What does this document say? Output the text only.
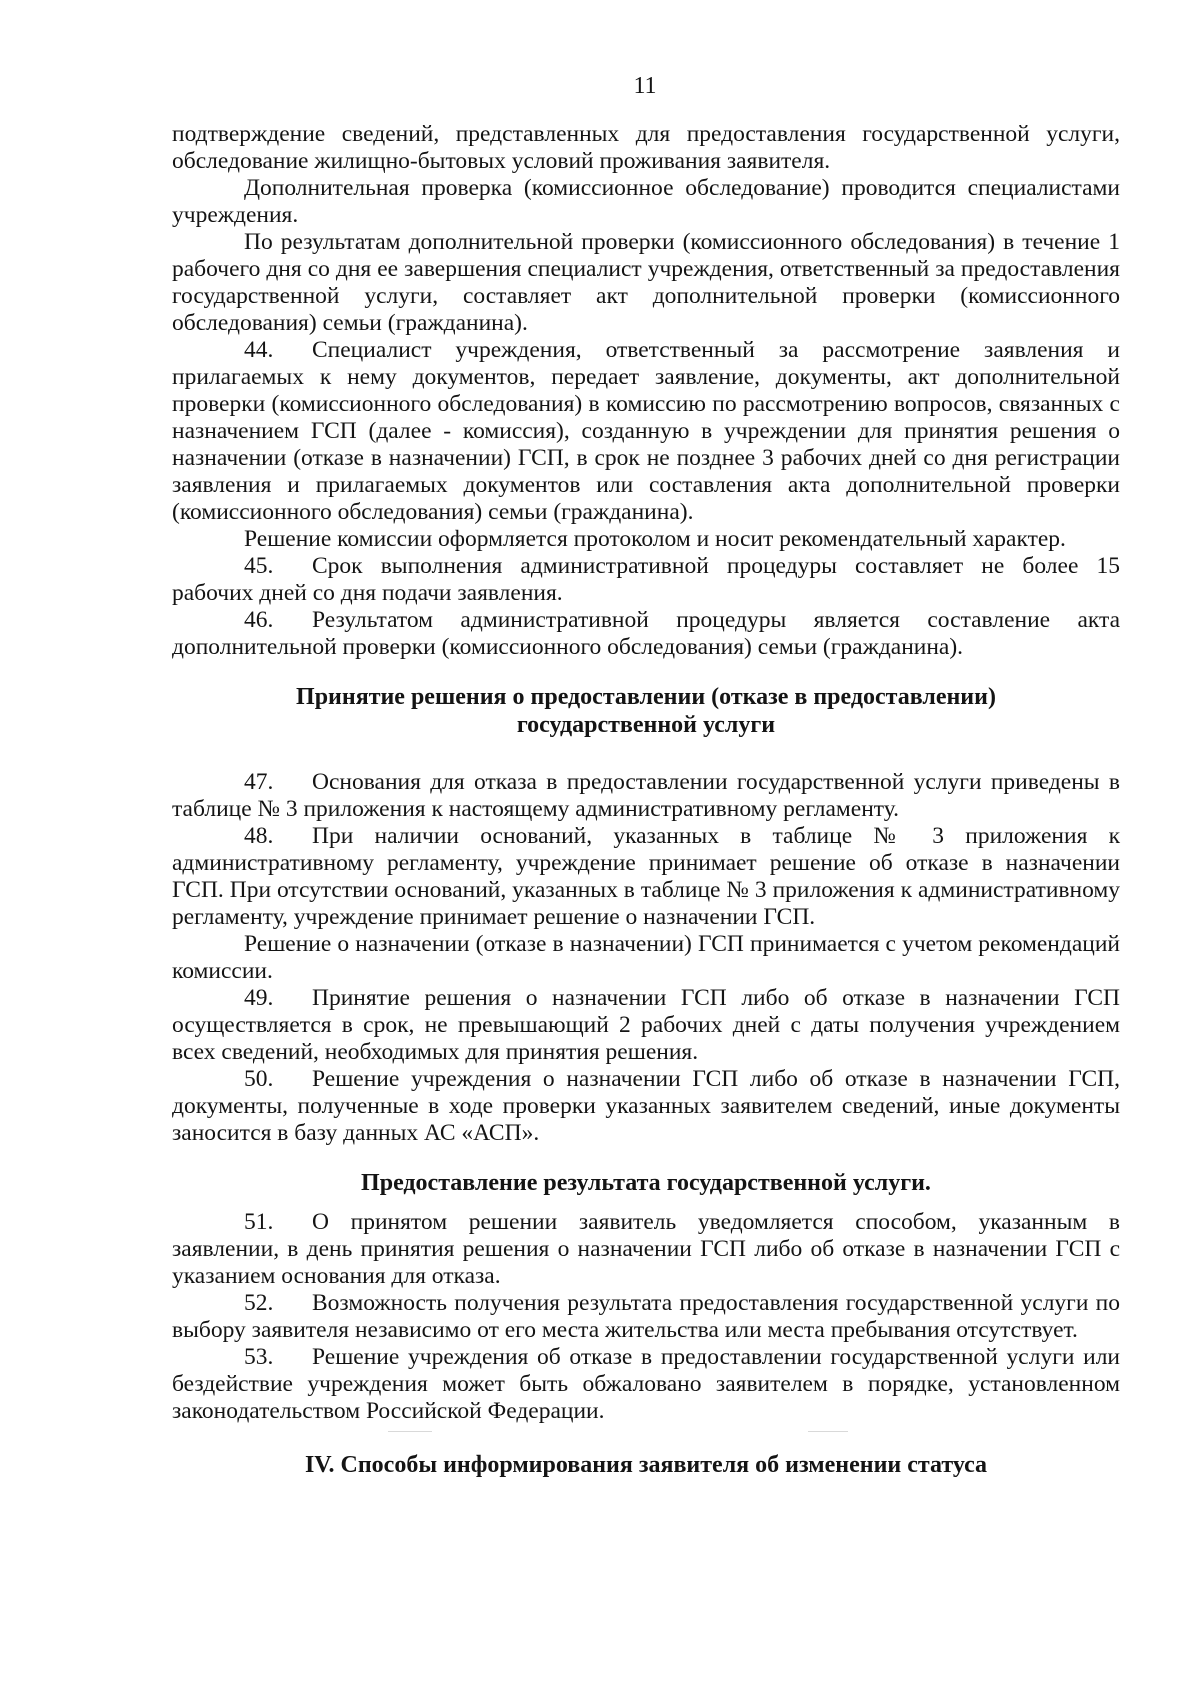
11

подтверждение сведений, представленных для предоставления государственной услуги, обследование жилищно-бытовых условий проживания заявителя.

Дополнительная проверка (комиссионное обследование) проводится специалистами учреждения.

По результатам дополнительной проверки (комиссионного обследования) в течение 1 рабочего дня со дня ее завершения специалист учреждения, ответственный за предоставления государственной услуги, составляет акт дополнительной проверки (комиссионного обследования) семьи (гражданина).

44. Специалист учреждения, ответственный за рассмотрение заявления и прилагаемых к нему документов, передает заявление, документы, акт дополнительной проверки (комиссионного обследования) в комиссию по рассмотрению вопросов, связанных с назначением ГСП (далее - комиссия), созданную в учреждении для принятия решения о назначении (отказе в назначении) ГСП, в срок не позднее 3 рабочих дней со дня регистрации заявления и прилагаемых документов или составления акта дополнительной проверки (комиссионного обследования) семьи (гражданина).

Решение комиссии оформляется протоколом и носит рекомендательный характер.

45. Срок выполнения административной процедуры составляет не более 15 рабочих дней со дня подачи заявления.

46. Результатом административной процедуры является составление акта дополнительной проверки (комиссионного обследования) семьи (гражданина).

Принятие решения о предоставлении (отказе в предоставлении)
государственной услуги

47. Основания для отказа в предоставлении государственной услуги приведены в таблице № 3 приложения к настоящему административному регламенту.

48. При наличии оснований, указанных в таблице № 3 приложения к административному регламенту, учреждение принимает решение об отказе в назначении ГСП. При отсутствии оснований, указанных в таблице № 3 приложения к административному регламенту, учреждение принимает решение о назначении ГСП.

Решение о назначении (отказе в назначении) ГСП принимается с учетом рекомендаций комиссии.

49. Принятие решения о назначении ГСП либо об отказе в назначении ГСП осуществляется в срок, не превышающий 2 рабочих дней с даты получения учреждением всех сведений, необходимых для принятия решения.

50. Решение учреждения о назначении ГСП либо об отказе в назначении ГСП, документы, полученные в ходе проверки указанных заявителем сведений, иные документы заносится в базу данных АС «АСП».

Предоставление результата государственной услуги.

51. О принятом решении заявитель уведомляется способом, указанным в заявлении, в день принятия решения о назначении ГСП либо об отказе в назначении ГСП с указанием основания для отказа.

52. Возможность получения результата предоставления государственной услуги по выбору заявителя независимо от его места жительства или места пребывания отсутствует.

53. Решение учреждения об отказе в предоставлении государственной услуги или бездействие учреждения может быть обжаловано заявителем в порядке, установленном законодательством Российской Федерации.

IV. Способы информирования заявителя об изменении статуса
